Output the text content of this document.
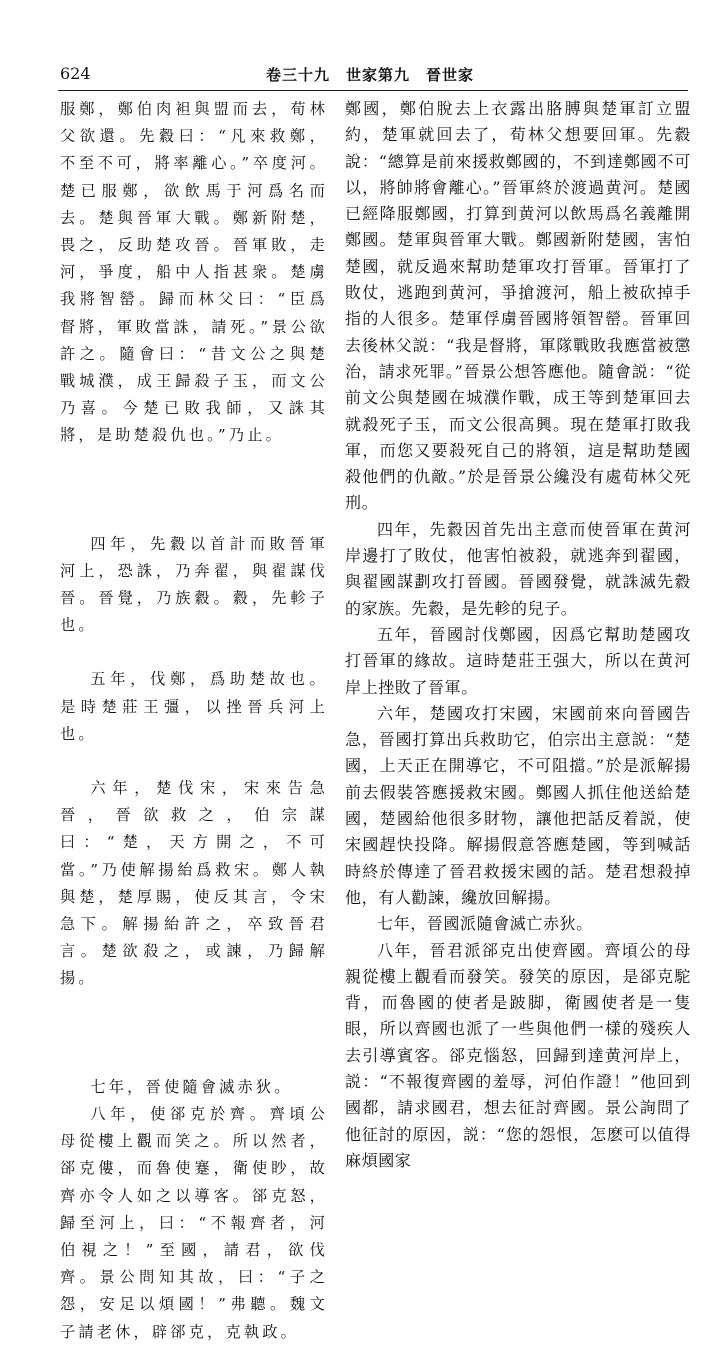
624	卷三十九　世家第九　晉世家

服鄭，鄭伯肉袒與盟而去，荀林父欲還。先縠曰：“凡來救鄭，不至不可，將率離心。”卒度河。楚已服鄭，欲飲馬于河爲名而去。楚與晉軍大戰。鄭新附楚，畏之，反助楚攻晉。晉軍敗，走河，爭度，船中人指甚衆。楚虜我將智罃。歸而林父曰：“臣爲督將，軍敗當誅，請死。”景公欲許之。隨會曰：“昔文公之與楚戰城濮，成王歸殺子玉，而文公乃喜。今楚已敗我師，又誅其將，是助楚殺仇也。”乃止。

四年，先縠以首計而敗晉軍河上，恐誅，乃奔翟，與翟謀伐晉。晉覺，乃族縠。縠，先軫子也。

五年，伐鄭，爲助楚故也。是時楚莊王彊，以挫晉兵河上也。

六年，楚伐宋，宋來告急晉，晉欲救之，伯宗謀曰：“楚，天方開之，不可當。”乃使解揚紿爲救宋。鄭人執與楚，楚厚賜，使反其言，令宋急下。解揚紿許之，卒致晉君言。楚欲殺之，或諫，乃歸解揚。

七年，晉使隨會滅赤狄。

八年，使郤克於齊。齊頃公母從樓上觀而笑之。所以然者，郤克僂，而魯使蹇，衛使眇，故齊亦令人如之以導客。郤克怒，歸至河上，曰：“不報齊者，河伯視之！”至國，請君，欲伐齊。景公問知其故，曰：“子之怨，安足以煩國！”弗聽。魏文子請老休，辟郤克，克執政。

鄭國，鄭伯脫去上衣露出胳膊與楚軍訂立盟約，楚軍就回去了，荀林父想要回軍。先縠說：“總算是前來援救鄭國的，不到達鄭國不可以，將帥將會離心。”晉軍終於渡過黄河。楚國已經降服鄭國，打算到黄河以飲馬爲名義離開鄭國。楚軍與晉軍大戰。鄭國新附楚國，害怕楚國，就反過來幫助楚軍攻打晉軍。晉軍打了敗仗，逃跑到黄河，爭搶渡河，船上被砍掉手指的人很多。楚軍俘虜晉國將領智罃。晉軍回去後林父説：“我是督將，軍隊戰敗我應當被懲治，請求死罪。”晉景公想答應他。隨會説：“從前文公與楚國在城濮作戰，成王等到楚軍回去就殺死子玉，而文公很高興。現在楚軍打敗我軍，而您又要殺死自己的將領，這是幫助楚國殺他們的仇敵。”於是晉景公纔没有處荀林父死刑。

四年，先縠因首先出主意而使晉軍在黄河岸邊打了敗仗，他害怕被殺，就逃奔到翟國，與翟國謀劃攻打晉國。晉國發覺，就誅滅先縠的家族。先縠，是先軫的兒子。

五年，晉國討伐鄭國，因爲它幫助楚國攻打晉軍的緣故。這時楚莊王强大，所以在黄河岸上挫敗了晉軍。

六年，楚國攻打宋國，宋國前來向晉國告急，晉國打算出兵救助它，伯宗出主意説：“楚國，上天正在開導它，不可阻擋。”於是派解揚前去假裝答應援救宋國。鄭國人抓住他送給楚國，楚國給他很多財物，讓他把話反着説，使宋國趕快投降。解揚假意答應楚國，等到喊話時終於傳達了晉君救援宋國的話。楚君想殺掉他，有人勸諫，纔放回解揚。

七年，晉國派隨會滅亡赤狄。

八年，晉君派郤克出使齊國。齊頃公的母親從樓上觀看而發笑。發笑的原因，是郤克駝背，而魯國的使者是跛脚，衛國使者是一隻眼，所以齊國也派了一些與他們一樣的殘疾人去引導賓客。郤克惱怒，回歸到達黄河岸上，説：“不報復齊國的羞辱，河伯作證！”他回到國都，請求國君，想去征討齊國。景公詢問了他征討的原因，説：“您的怨恨，怎麽可以值得麻煩國家
